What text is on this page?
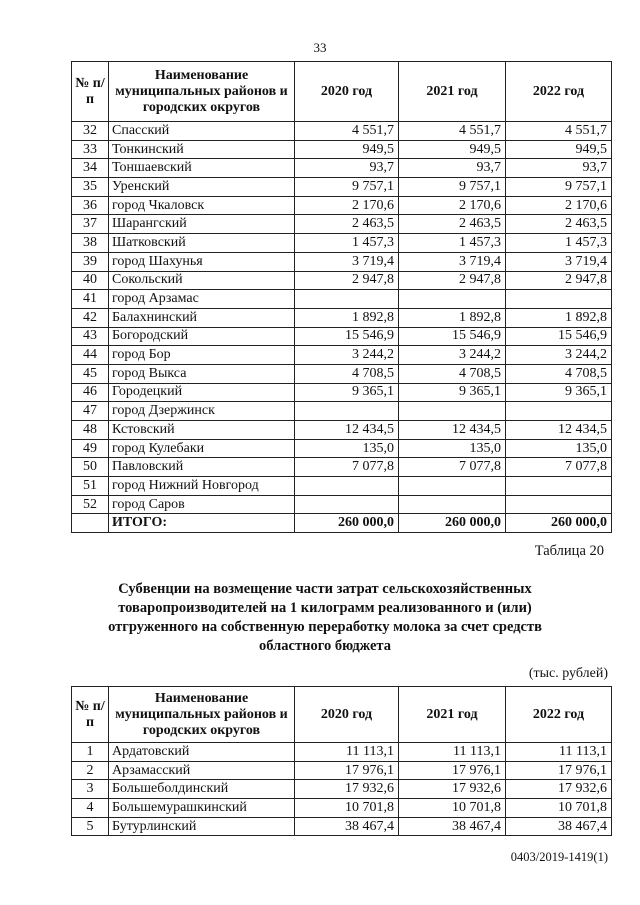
33
№ п/п	Наименование муниципальных районов и городских округов	2020 год	2021 год	2022 год
32	Спасский	4 551,7	4 551,7	4 551,7
33	Тонкинский	949,5	949,5	949,5
34	Тоншаевский	93,7	93,7	93,7
35	Уренский	9 757,1	9 757,1	9 757,1
36	город Чкаловск	2 170,6	2 170,6	2 170,6
37	Шарангский	2 463,5	2 463,5	2 463,5
38	Шатковский	1 457,3	1 457,3	1 457,3
39	город Шахунья	3 719,4	3 719,4	3 719,4
40	Сокольский	2 947,8	2 947,8	2 947,8
41	город Арзамас			
42	Балахнинский	1 892,8	1 892,8	1 892,8
43	Богородский	15 546,9	15 546,9	15 546,9
44	город Бор	3 244,2	3 244,2	3 244,2
45	город Выкса	4 708,5	4 708,5	4 708,5
46	Городецкий	9 365,1	9 365,1	9 365,1
47	город Дзержинск			
48	Кстовский	12 434,5	12 434,5	12 434,5
49	город Кулебаки	135,0	135,0	135,0
50	Павловский	7 077,8	7 077,8	7 077,8
51	город Нижний Новгород			
52	город Саров			
	ИТОГО:	260 000,0	260 000,0	260 000,0
Таблица 20
Субвенции на возмещение части затрат сельскохозяйственных товаропроизводителей на 1 килограмм реализованного и (или) отгруженного на собственную переработку молока за счет средств областного бюджета
(тыс. рублей)
№ п/п	Наименование муниципальных районов и городских округов	2020 год	2021 год	2022 год
1	Ардатовский	11 113,1	11 113,1	11 113,1
2	Арзамасский	17 976,1	17 976,1	17 976,1
3	Большеболдинский	17 932,6	17 932,6	17 932,6
4	Большемурашкинский	10 701,8	10 701,8	10 701,8
5	Бутурлинский	38 467,4	38 467,4	38 467,4
0403/2019-1419(1)
